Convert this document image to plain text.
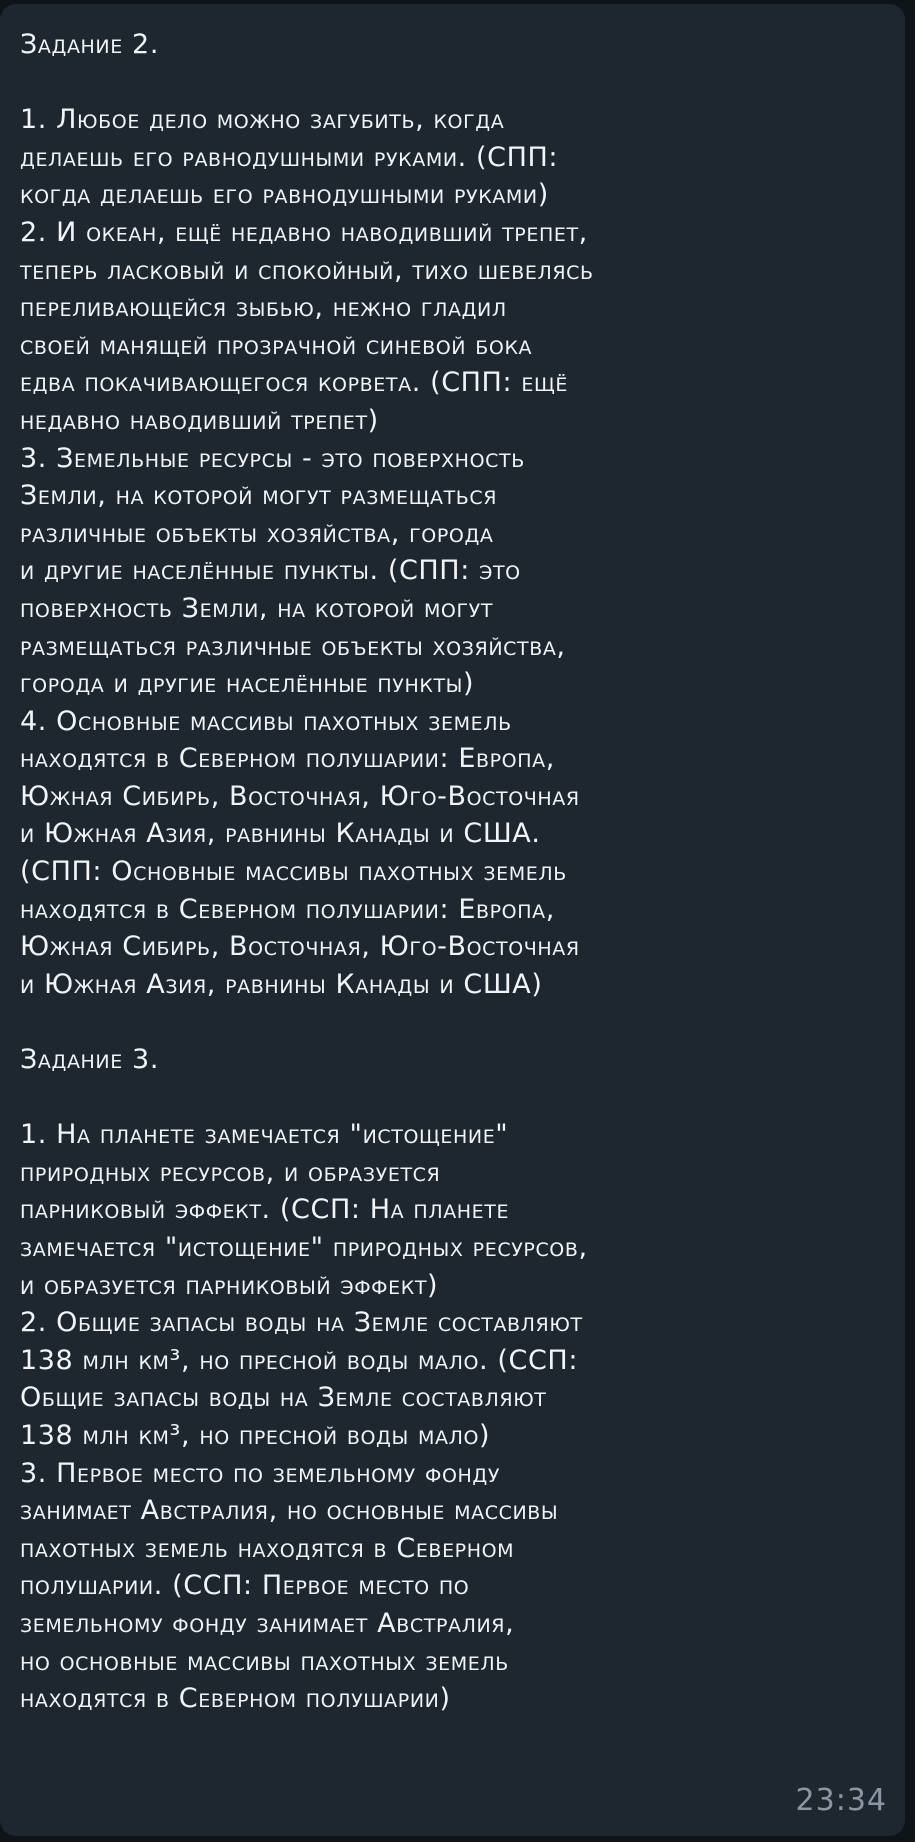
Задание 2.
1. Любое дело можно загубить, когда
делаешь его равнодушными руками. (СПП:
когда делаешь его равнодушными руками)
2. И океан, ещё недавно наводивший трепет,
теперь ласковый и спокойный, тихо шевелясь
переливающейся зыбью, нежно гладил
своей манящей прозрачной синевой бока
едва покачивающегося корвета. (СПП: ещё
недавно наводивший трепет)
3. Земельные ресурсы - это поверхность
Земли, на которой могут размещаться
различные объекты хозяйства, города
и другие населённые пункты. (СПП: это
поверхность Земли, на которой могут
размещаться различные объекты хозяйства,
города и другие населённые пункты)
4. Основные массивы пахотных земель
находятся в Северном полушарии: Европа,
Южная Сибирь, Восточная, Юго-Восточная
и Южная Азия, равнины Канады и США.
(СПП: Основные массивы пахотных земель
находятся в Северном полушарии: Европа,
Южная Сибирь, Восточная, Юго-Восточная
и Южная Азия, равнины Канады и США)
Задание 3.
1. На планете замечается "истощение"
природных ресурсов, и образуется
парниковый эффект. (ССП: На планете
замечается "истощение" природных ресурсов,
и образуется парниковый эффект)
2. Общие запасы воды на Земле составляют
138 млн км³, но пресной воды мало. (ССП:
Общие запасы воды на Земле составляют
138 млн км³, но пресной воды мало)
3. Первое место по земельному фонду
занимает Австралия, но основные массивы
пахотных земель находятся в Северном
полушарии. (ССП: Первое место по
земельному фонду занимает Австралия,
но основные массивы пахотных земель
находятся в Северном полушарии)
23:34
